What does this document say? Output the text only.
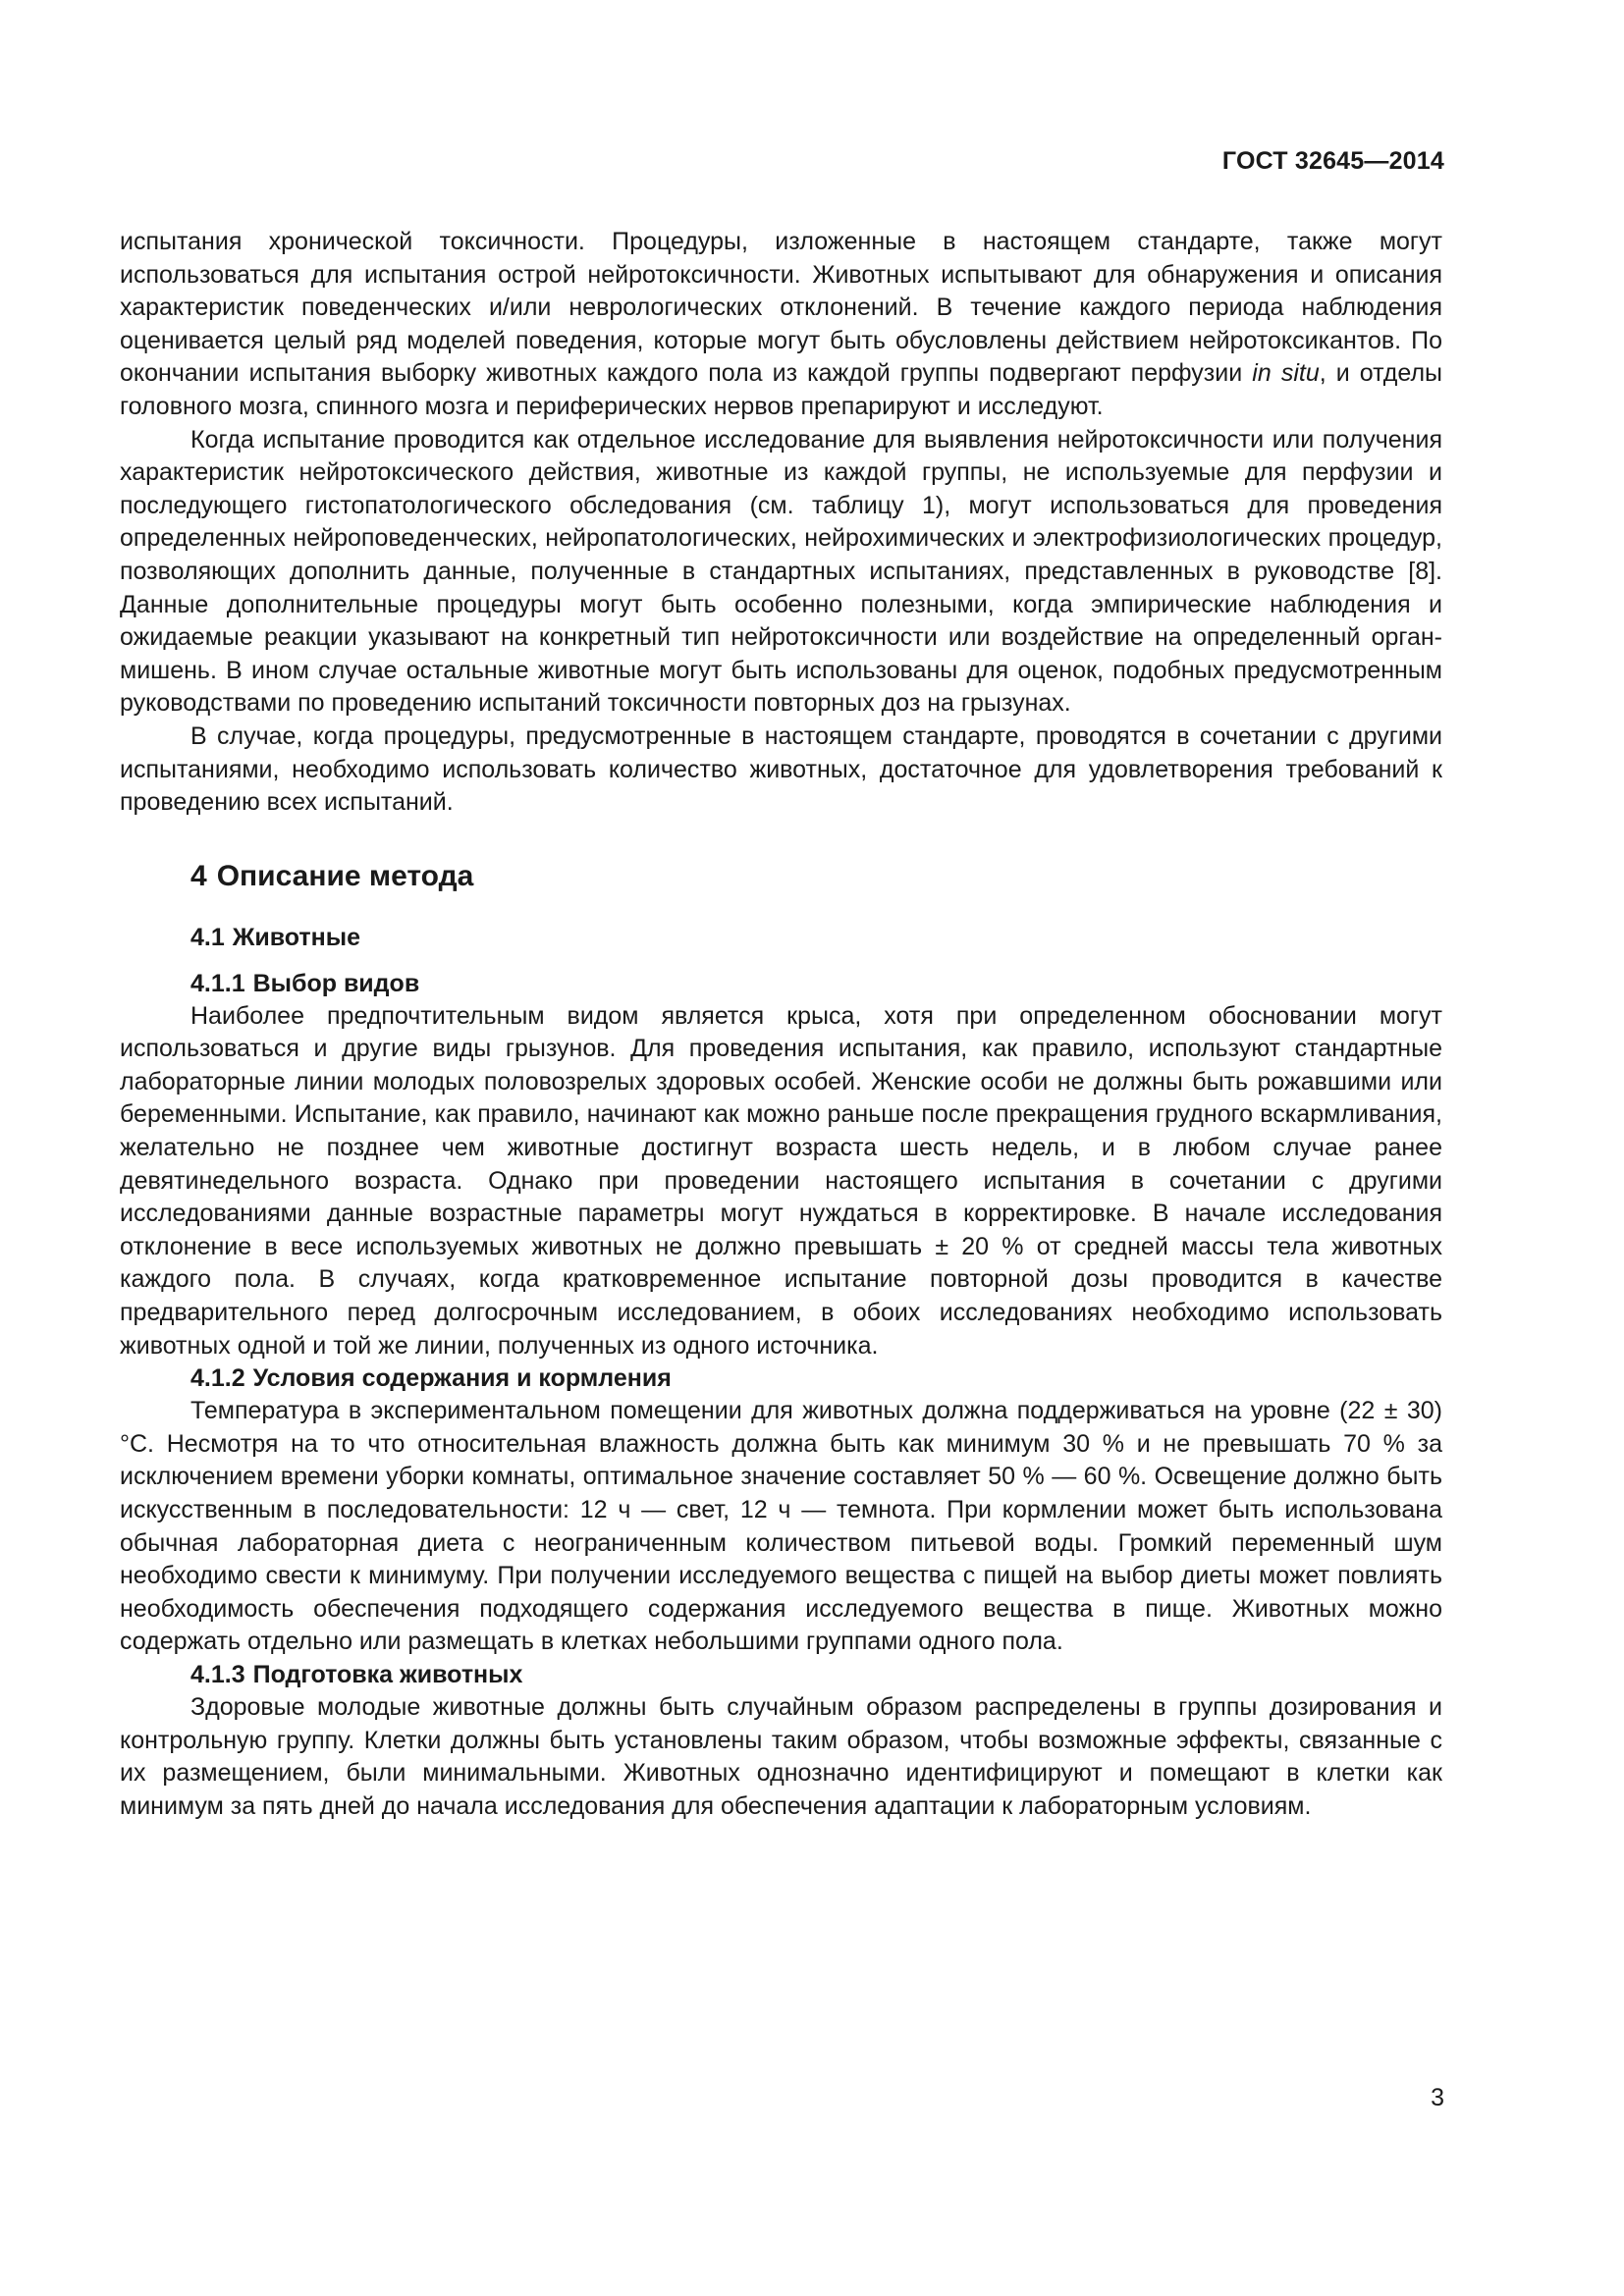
ГОСТ 32645—2014

испытания хронической токсичности. Процедуры, изложенные в настоящем стандарте, также могут использоваться для испытания острой нейротоксичности. Животных испытывают для обнаружения и описания характеристик поведенческих и/или неврологических отклонений. В течение каждого периода наблюдения оценивается целый ряд моделей поведения, которые могут быть обусловлены действием нейротоксикантов. По окончании испытания выборку животных каждого пола из каждой группы подвергают перфузии in situ, и отделы головного мозга, спинного мозга и периферических нервов препарируют и исследуют.

Когда испытание проводится как отдельное исследование для выявления нейротоксичности или получения характеристик нейротоксического действия, животные из каждой группы, не используемые для перфузии и последующего гистопатологического обследования (см. таблицу 1), могут использоваться для проведения определенных нейроповеденческих, нейропатологических, нейрохимических и электрофизиологических процедур, позволяющих дополнить данные, полученные в стандартных испытаниях, представленных в руководстве [8]. Данные дополнительные процедуры могут быть особенно полезными, когда эмпирические наблюдения и ожидаемые реакции указывают на конкретный тип нейротоксичности или воздействие на определенный орган-мишень. В ином случае остальные животные могут быть использованы для оценок, подобных предусмотренным руководствами по проведению испытаний токсичности повторных доз на грызунах.

В случае, когда процедуры, предусмотренные в настоящем стандарте, проводятся в сочетании с другими испытаниями, необходимо использовать количество животных, достаточное для удовлетворения требований к проведению всех испытаний.

4 Описание метода
4.1 Животные
4.1.1 Выбор видов

Наиболее предпочтительным видом является крыса, хотя при определенном обосновании могут использоваться и другие виды грызунов. Для проведения испытания, как правило, используют стандартные лабораторные линии молодых половозрелых здоровых особей. Женские особи не должны быть рожавшими или беременными. Испытание, как правило, начинают как можно раньше после прекращения грудного вскармливания, желательно не позднее чем животные достигнут возраста шесть недель, и в любом случае ранее девятинедельного возраста. Однако при проведении настоящего испытания в сочетании с другими исследованиями данные возрастные параметры могут нуждаться в корректировке. В начале исследования отклонение в весе используемых животных не должно превышать ± 20 % от средней массы тела животных каждого пола. В случаях, когда кратковременное испытание повторной дозы проводится в качестве предварительного перед долгосрочным исследованием, в обоих исследованиях необходимо использовать животных одной и той же линии, полученных из одного источника.

4.1.2 Условия содержания и кормления

Температура в экспериментальном помещении для животных должна поддерживаться на уровне (22 ± 30) °С. Несмотря на то что относительная влажность должна быть как минимум 30 % и не превышать 70 % за исключением времени уборки комнаты, оптимальное значение составляет 50 % — 60 %. Освещение должно быть искусственным в последовательности: 12 ч — свет, 12 ч — темнота. При кормлении может быть использована обычная лабораторная диета с неограниченным количеством питьевой воды. Громкий переменный шум необходимо свести к минимуму. При получении исследуемого вещества с пищей на выбор диеты может повлиять необходимость обеспечения подходящего содержания исследуемого вещества в пище. Животных можно содержать отдельно или размещать в клетках небольшими группами одного пола.

4.1.3 Подготовка животных

Здоровые молодые животные должны быть случайным образом распределены в группы дозирования и контрольную группу. Клетки должны быть установлены таким образом, чтобы возможные эффекты, связанные с их размещением, были минимальными. Животных однозначно идентифицируют и помещают в клетки как минимум за пять дней до начала исследования для обеспечения адаптации к лабораторным условиям.

3
